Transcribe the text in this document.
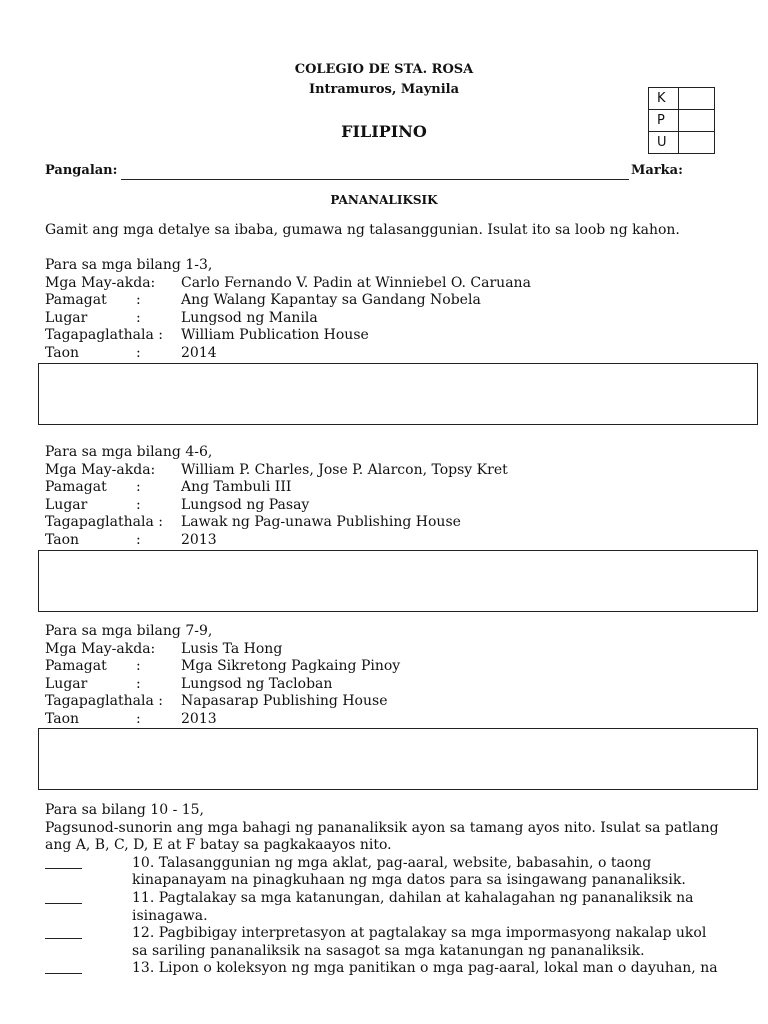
COLEGIO DE STA. ROSA
Intramuros, Maynila
FILIPINO
K	
P	
U	
Pangalan:	Marka:
PANANALIKSIK
Gamit ang mga detalye sa ibaba, gumawa ng talasanggunian. Isulat ito sa loob ng kahon.
Para sa mga bilang 1-3,
Mga May-akda: Carlo Fernando V. Padin at Winniebel O. Caruana
Pamagat :	Ang Walang Kapantay sa Gandang Nobela
Lugar	:	Lungsod ng Manila
Tagapaglathala : William Publication House
Taon	:	2014
Para sa mga bilang 4-6,
Mga May-akda: William P. Charles, Jose P. Alarcon, Topsy Kret
Pamagat :	Ang Tambuli III
Lugar	:	Lungsod ng Pasay
Tagapaglathala : Lawak ng Pag-unawa Publishing House
Taon	:	2013
Para sa mga bilang 7-9,
Mga May-akda: Lusis Ta Hong
Pamagat :	Mga Sikretong Pagkaing Pinoy
Lugar	:	Lungsod ng Tacloban
Tagapaglathala : Napasarap Publishing House
Taon	:	2013
Para sa bilang 10 - 15,
Pagsunod-sunorin ang mga bahagi ng pananaliksik ayon sa tamang ayos nito. Isulat sa patlang ang A, B, C, D, E at F batay sa pagkakaayos nito.
10. Talasanggunian ng mga aklat, pag-aaral, website, babasahin, o taong kinapanayam na pinagkuhaan ng mga datos para sa isingawang pananaliksik.
11. Pagtalakay sa mga katanungan, dahilan at kahalagahan ng pananaliksik na isinagawa.
12. Pagbibigay interpretasyon at pagtalakay sa mga impormasyong nakalap ukol sa sariling pananaliksik na sasagot sa mga katanungan ng pananaliksik.
13. Lipon o koleksyon ng mga panitikan o mga pag-aaral, lokal man o dayuhan, na
